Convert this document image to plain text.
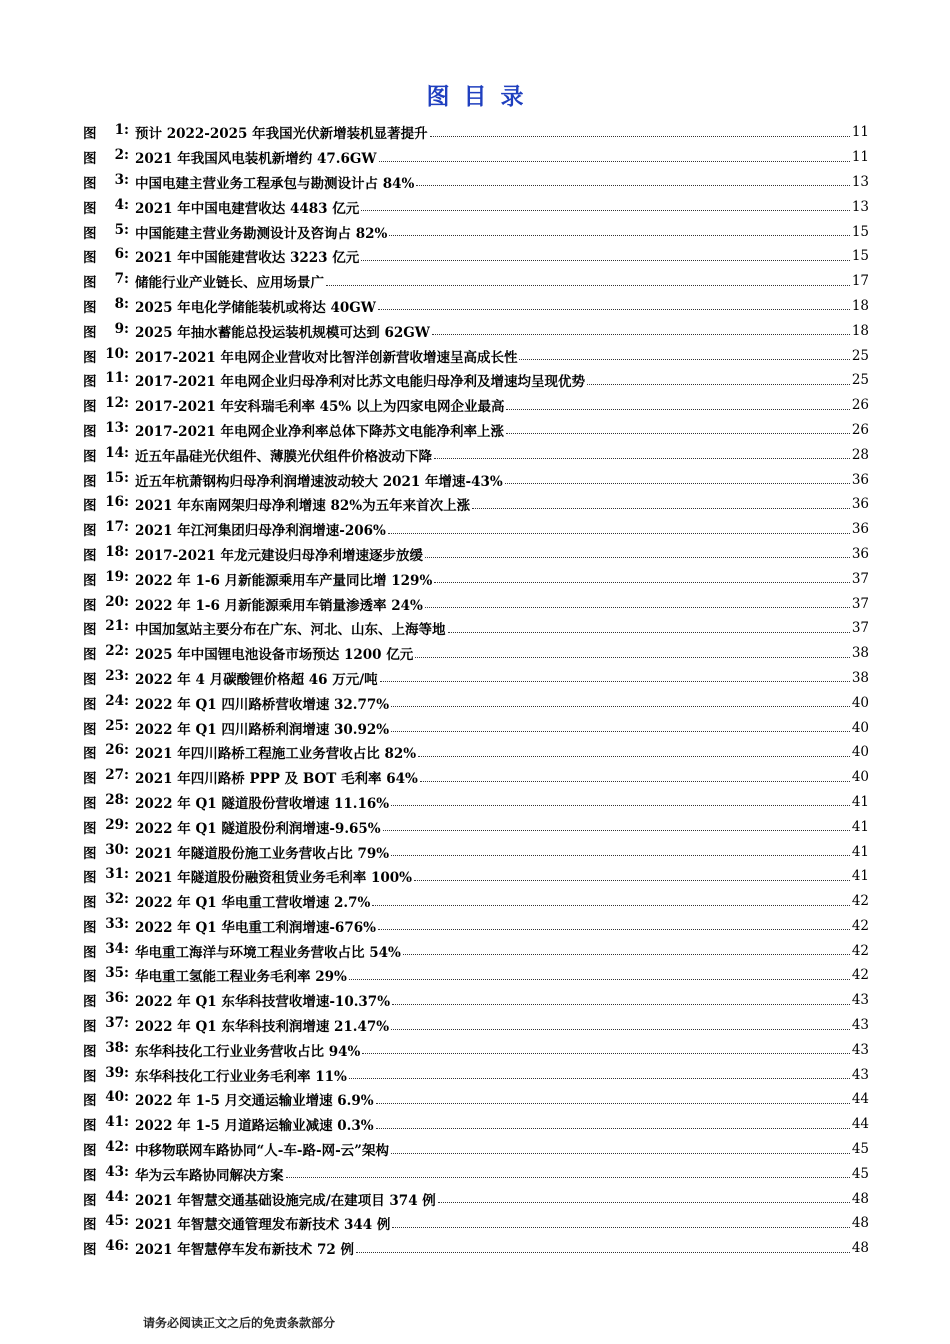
图目录
图 1: 预计 2022-2025 年我国光伏新增装机显著提升	11
图 2: 2021 年我国风电装机新增约 47.6GW	11
图 3: 中国电建主营业务工程承包与勘测设计占 84%	13
图 4: 2021 年中国电建营收达 4483 亿元	13
图 5: 中国能建主营业务勘测设计及咨询占 82%	15
图 6: 2021 年中国能建营收达 3223 亿元	15
图 7: 储能行业产业链长、应用场景广	17
图 8: 2025 年电化学储能装机或将达 40GW	18
图 9: 2025 年抽水蓄能总投运装机规模可达到 62GW	18
图 10: 2017-2021 年电网企业营收对比智洋创新营收增速呈高成长性	25
图 11: 2017-2021 年电网企业归母净利对比苏文电能归母净利及增速均呈现优势	25
图 12: 2017-2021 年安科瑞毛利率 45% 以上为四家电网企业最高	26
图 13: 2017-2021 年电网企业净利率总体下降苏文电能净利率上涨	26
图 14: 近五年晶硅光伏组件、薄膜光伏组件价格波动下降	28
图 15: 近五年杭萧钢构归母净利润增速波动较大 2021 年增速-43%	36
图 16: 2021 年东南网架归母净利增速 82%为五年来首次上涨	36
图 17: 2021 年江河集团归母净利润增速-206%	36
图 18: 2017-2021 年龙元建设归母净利增速逐步放缓	36
图 19: 2022 年 1-6 月新能源乘用车产量同比增 129%	37
图 20: 2022 年 1-6 月新能源乘用车销量渗透率 24%	37
图 21: 中国加氢站主要分布在广东、河北、山东、上海等地	37
图 22: 2025 年中国锂电池设备市场预达 1200 亿元	38
图 23: 2022 年 4 月碳酸锂价格超 46 万元/吨	38
图 24: 2022 年 Q1 四川路桥营收增速 32.77%	40
图 25: 2022 年 Q1 四川路桥利润增速 30.92%	40
图 26: 2021 年四川路桥工程施工业务营收占比 82%	40
图 27: 2021 年四川路桥 PPP 及 BOT 毛利率 64%	40
图 28: 2022 年 Q1 隧道股份营收增速 11.16%	41
图 29: 2022 年 Q1 隧道股份利润增速-9.65%	41
图 30: 2021 年隧道股份施工业务营收占比 79%	41
图 31: 2021 年隧道股份融资租赁业务毛利率 100%	41
图 32: 2022 年 Q1 华电重工营收增速 2.7%	42
图 33: 2022 年 Q1 华电重工利润增速-676%	42
图 34: 华电重工海洋与环境工程业务营收占比 54%	42
图 35: 华电重工氢能工程业务毛利率 29%	42
图 36: 2022 年 Q1 东华科技营收增速-10.37%	43
图 37: 2022 年 Q1 东华科技利润增速 21.47%	43
图 38: 东华科技化工行业业务营收占比 94%	43
图 39: 东华科技化工行业业务毛利率 11%	43
图 40: 2022 年 1-5 月交通运输业增速 6.9%	44
图 41: 2022 年 1-5 月道路运输业减速 0.3%	44
图 42: 中移物联网车路协同“人-车-路-网-云”架构	45
图 43: 华为云车路协同解决方案	45
图 44: 2021 年智慧交通基础设施完成/在建项目 374 例	48
图 45: 2021 年智慧交通管理发布新技术 344 例	48
图 46: 2021 年智慧停车发布新技术 72 例	48
请务必阅读正文之后的免责条款部分
